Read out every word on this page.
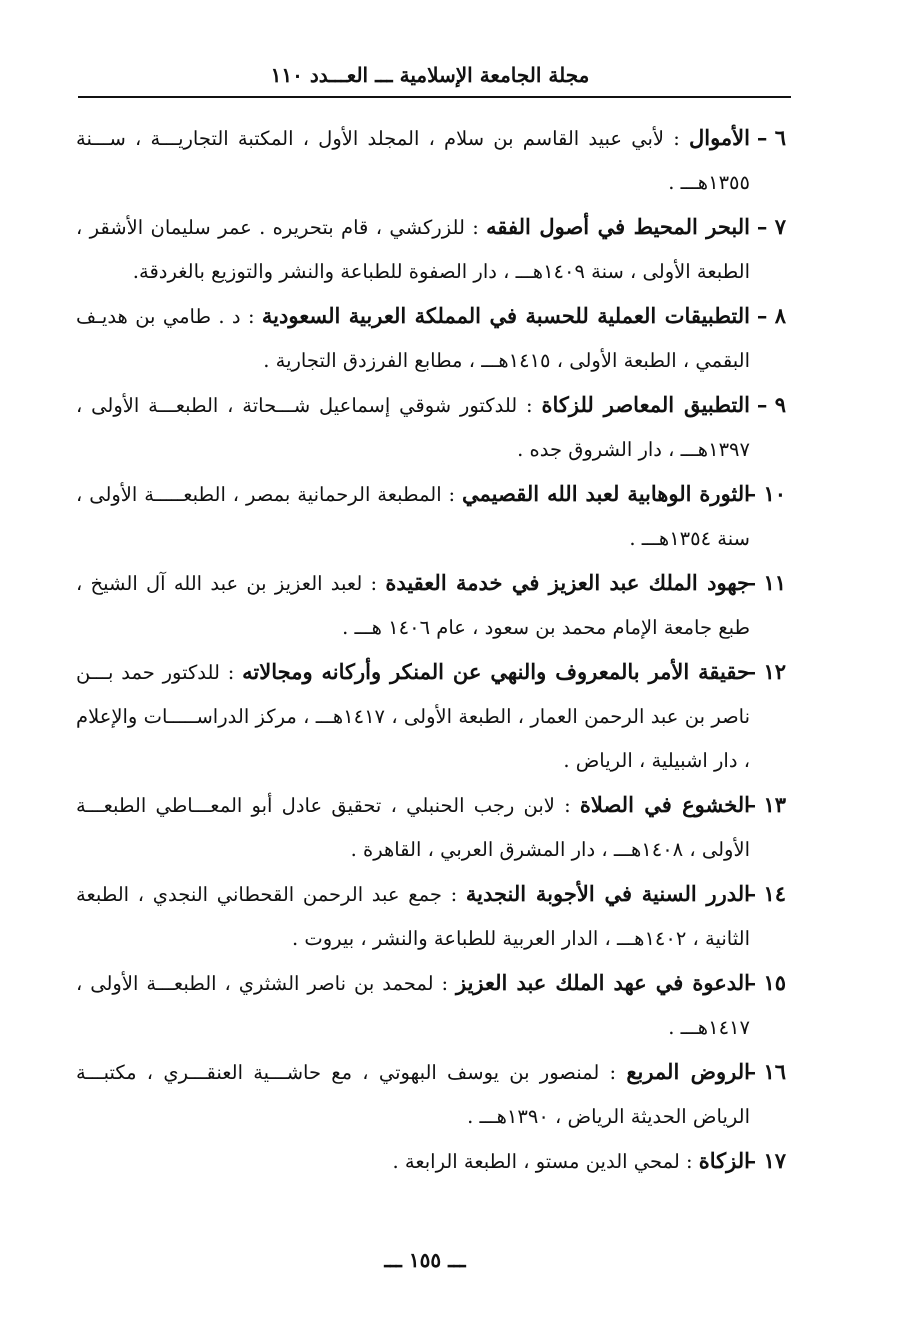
مجلة الجامعة الإسلامية ـــ العـــدد ١١٠
٦ –
الأموال : لأبي عبيد القاسم بن سلام ، المجلد الأول ، المكتبة التجاريـــة ، ســـنة ١٣٥٥هـــ .
٧ –
البحر المحيط في أصول الفقه : للزركشي ، قام بتحريره . عمر سليمان الأشقر ، الطبعة الأولى ، سنة ١٤٠٩هـــ ، دار الصفوة للطباعة والنشر والتوزيع بالغردقة.
٨ –
التطبيقات العملية للحسبة في المملكة العربية السعودية : د . طامي بن هديـف البقمي ، الطبعة الأولى ، ١٤١٥هـــ ، مطابع الفرزدق التجارية .
٩ –
التطبيق المعاصر للزكاة : للدكتور شوقي إسماعيل شـــحاتة ، الطبعـــة الأولى ، ١٣٩٧هـــ ، دار الشروق جده .
١٠ –
الثورة الوهابية لعبد الله القصيمي : المطبعة الرحمانية بمصر ، الطبعـــــة الأولى ، سنة ١٣٥٤هـــ .
١١ –
جهود الملك عبد العزيز في خدمة العقيدة : لعبد العزيز بن عبد الله آل الشيخ ، طبع جامعة الإمام محمد بن سعود ، عام ١٤٠٦ هـــ .
١٢ –
حقيقة الأمر بالمعروف والنهي عن المنكر وأركانه ومجالاته : للدكتور حمد بـــن ناصر بن عبد الرحمن العمار ، الطبعة الأولى ، ١٤١٧هـــ ، مركز الدراســـــات والإعلام ، دار اشبيلية ، الرياض .
١٣ –
الخشوع في الصلاة : لابن رجب الحنبلي ، تحقيق عادل أبو المعـــاطي الطبعـــة الأولى ، ١٤٠٨هـــ ، دار المشرق العربي ، القاهرة .
١٤ –
الدرر السنية في الأجوبة النجدية : جمع عبد الرحمن القحطاني النجدي ، الطبعة الثانية ، ١٤٠٢هـــ ، الدار العربية للطباعة والنشر ، بيروت .
١٥ –
الدعوة في عهد الملك عبد العزيز : لمحمد بن ناصر الشثري ، الطبعـــة الأولى ، ١٤١٧هـــ .
١٦ –
الروض المربع : لمنصور بن يوسف البهوتي ، مع حاشـــية العنقـــري ، مكتبـــة الرياض الحديثة الرياض ، ١٣٩٠هـــ .
١٧ –
الزكاة : لمحي الدين مستو ، الطبعة الرابعة .
ـــ ١٥٥ ـــ
